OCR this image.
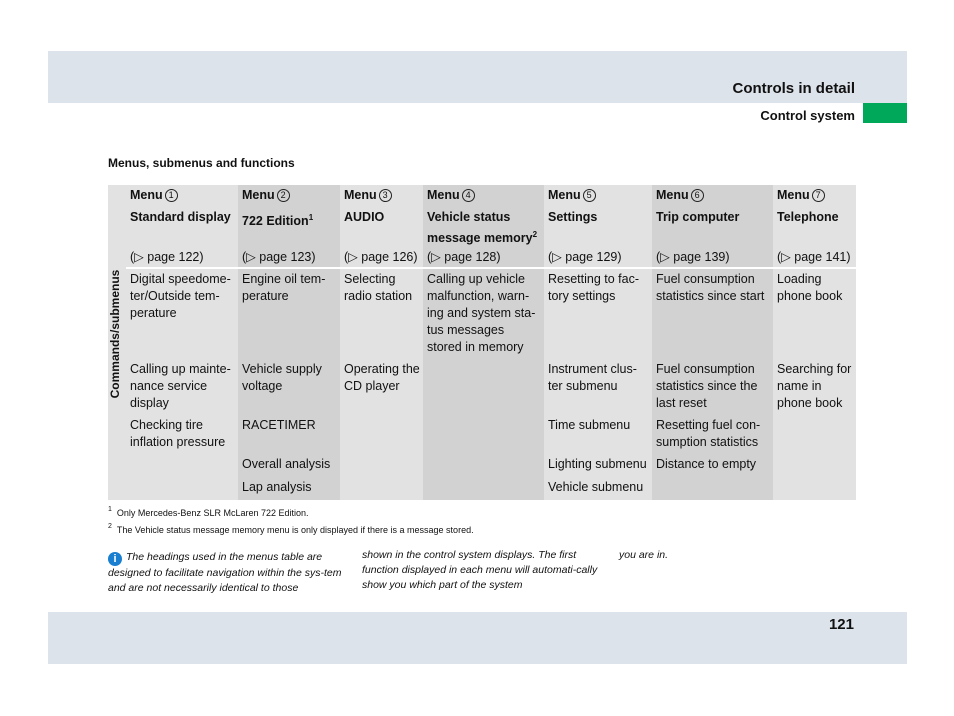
Controls in detail
Control system
Menus, submenus and functions
Commands/submenus
Menu 1
Standard display
(▷ page 122)
Digital speedome-
ter/Outside tem-
perature
Calling up mainte-
nance service
display
Checking tire
inflation pressure
Menu 2
722 Edition$^1$
(▷ page 123)
Engine oil tem-
perature
Vehicle supply
voltage
RACETIMER
Overall analysis
Lap analysis
Menu 3
AUDIO
(▷ page 126)
Selecting
radio station
Operating the
CD player
Menu 4
Vehicle status
message memory$^2$
(▷ page 128)
Calling up vehicle
malfunction, warn-
ing and system sta-
tus messages
stored in memory
Menu 5
Settings
(▷ page 129)
Resetting to fac-
tory settings
Instrument clus-
ter submenu
Time submenu
Lighting submenu
Vehicle submenu
Menu 6
Trip computer
(▷ page 139)
Fuel consumption
statistics since start
Fuel consumption
statistics since the
last reset
Resetting fuel con-
sumption statistics
Distance to empty
Menu 7
Telephone
(▷ page 141)
Loading
phone book
Searching for
name in
phone book
$^1$ Only Mercedes-Benz SLR McLaren 722 Edition.
$^2$ The Vehicle status message memory menu is only displayed if there is a message stored.
i The headings used in the menus table are designed to facilitate navigation within the sys-tem and are not necessarily identical to those
shown in the control system displays. The first function displayed in each menu will automati-cally show you which part of the system
you are in.
121
